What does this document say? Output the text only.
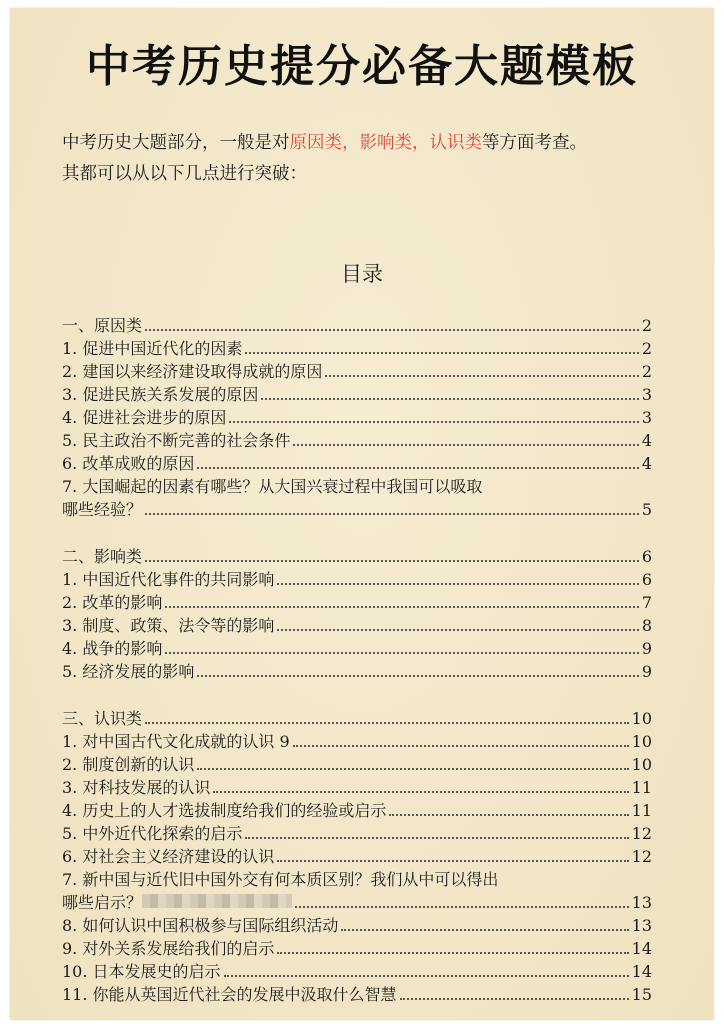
中考历史提分必备大题模板
中考历史大题部分，一般是对原因类，影响类，认识类等方面考查。
其都可以从以下几点进行突破：
目录
一、原因类	2
1. 促进中国近代化的因素	2
2. 建国以来经济建设取得成就的原因	2
3. 促进民族关系发展的原因	3
4. 促进社会进步的原因	3
5. 民主政治不断完善的社会条件	4
6. 改革成败的原因	4
7. 大国崛起的因素有哪些？从大国兴衰过程中我国可以吸取
哪些经验？	5
二、影响类	6
1. 中国近代化事件的共同影响	6
2. 改革的影响	7
3. 制度、政策、法令等的影响	8
4. 战争的影响	9
5. 经济发展的影响	9
三、认识类	10
1. 对中国古代文化成就的认识 9	10
2. 制度创新的认识	10
3. 对科技发展的认识	11
4. 历史上的人才选拔制度给我们的经验或启示	11
5. 中外近代化探索的启示	12
6. 对社会主义经济建设的认识	12
7. 新中国与近代旧中国外交有何本质区别？我们从中可以得出
哪些启示？	13
8. 如何认识中国积极参与国际组织活动	13
9. 对外关系发展给我们的启示	14
10. 日本发展史的启示	14
11. 你能从英国近代社会的发展中汲取什么智慧	15
